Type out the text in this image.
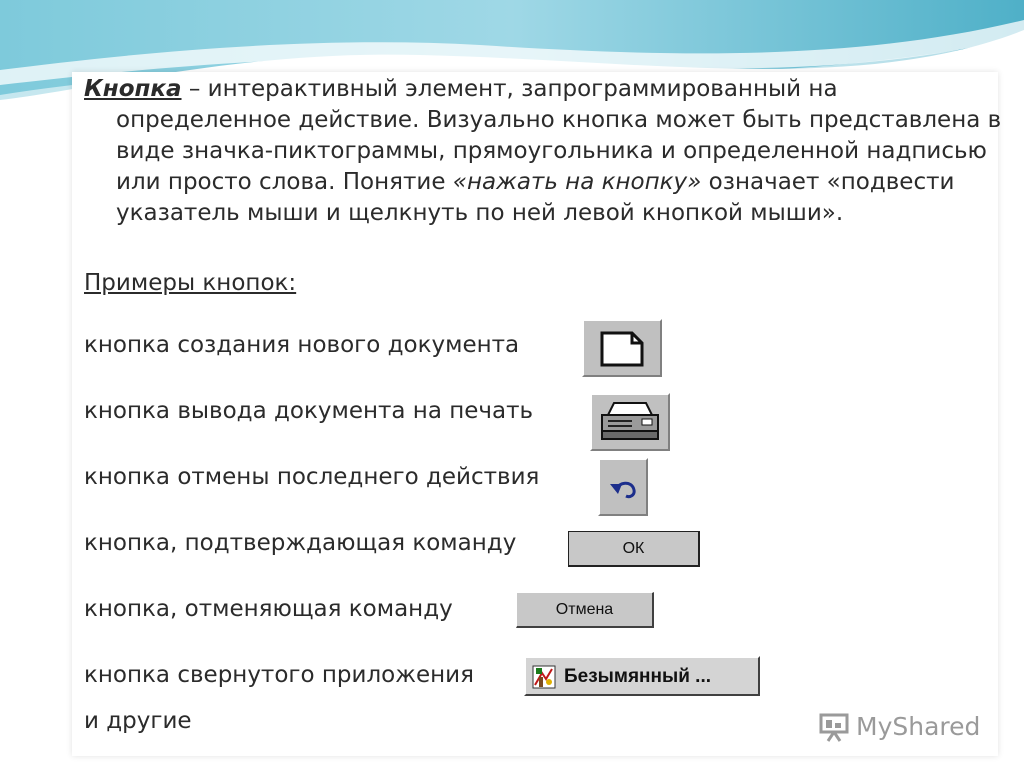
Кнопка – интерактивный элемент, запрограммированный на определенное действие. Визуально кнопка может быть представлена в виде значка-пиктограммы, прямоугольника и определенной надписью или просто слова. Понятие «нажать на кнопку» означает «подвести указатель мыши и щелкнуть по ней левой кнопкой мыши».

Примеры кнопок:

кнопка создания нового документа

кнопка вывода документа на печать

кнопка отмены последнего действия

кнопка, подтверждающая команду

кнопка, отменяющая команду

кнопка свернутого приложения

и другие

ОК
Отмена
Безымянный ...
MyShared
